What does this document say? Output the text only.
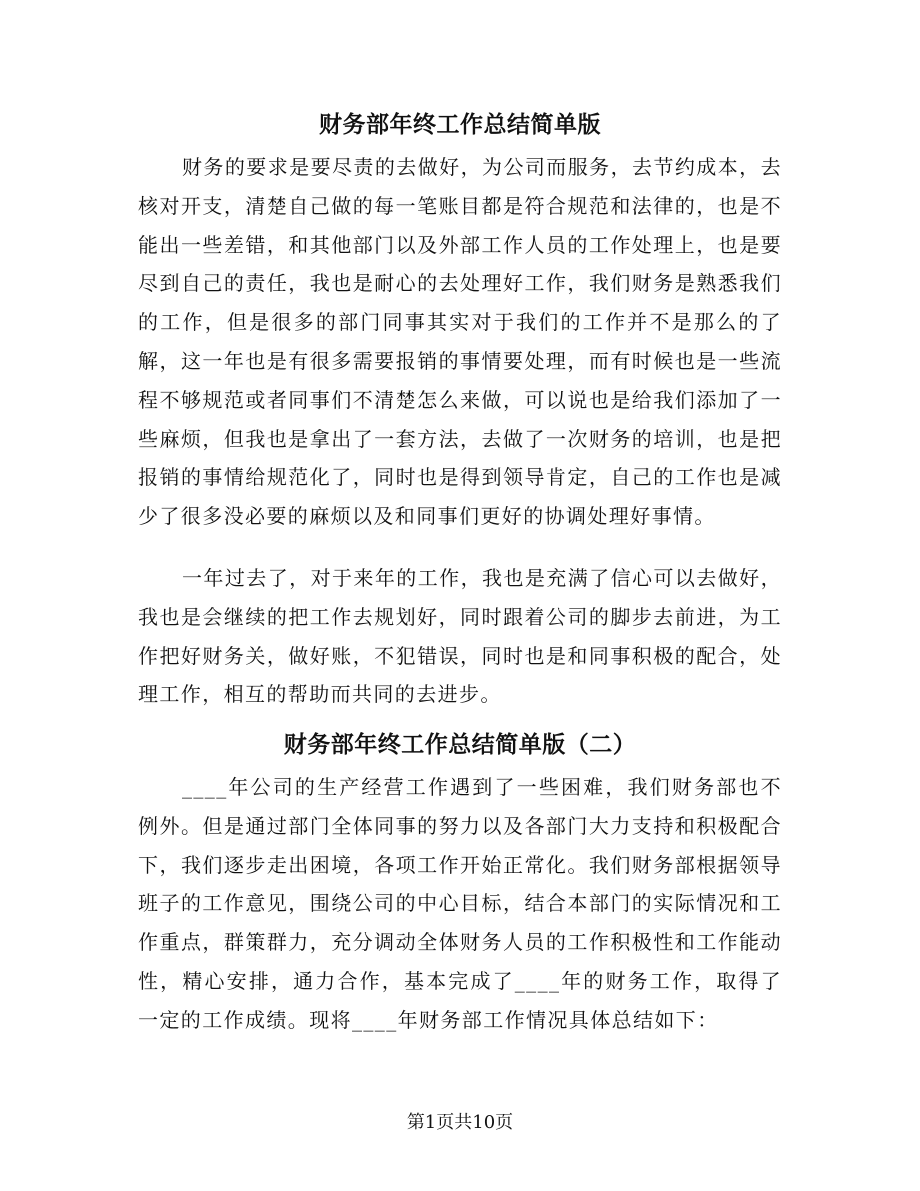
财务部年终工作总结简单版

财务的要求是要尽责的去做好，为公司而服务，去节约成本，去核对开支，清楚自己做的每一笔账目都是符合规范和法律的，也是不能出一些差错，和其他部门以及外部工作人员的工作处理上，也是要尽到自己的责任，我也是耐心的去处理好工作，我们财务是熟悉我们的工作，但是很多的部门同事其实对于我们的工作并不是那么的了解，这一年也是有很多需要报销的事情要处理，而有时候也是一些流程不够规范或者同事们不清楚怎么来做，可以说也是给我们添加了一些麻烦，但我也是拿出了一套方法，去做了一次财务的培训，也是把报销的事情给规范化了，同时也是得到领导肯定，自己的工作也是减少了很多没必要的麻烦以及和同事们更好的协调处理好事情。

一年过去了，对于来年的工作，我也是充满了信心可以去做好，我也是会继续的把工作去规划好，同时跟着公司的脚步去前进，为工作把好财务关，做好账，不犯错误，同时也是和同事积极的配合，处理工作，相互的帮助而共同的去进步。

财务部年终工作总结简单版（二）

____年公司的生产经营工作遇到了一些困难，我们财务部也不例外。但是通过部门全体同事的努力以及各部门大力支持和积极配合下，我们逐步走出困境，各项工作开始正常化。我们财务部根据领导班子的工作意见，围绕公司的中心目标，结合本部门的实际情况和工作重点，群策群力，充分调动全体财务人员的工作积极性和工作能动性，精心安排，通力合作，基本完成了____年的财务工作，取得了一定的工作成绩。现将____年财务部工作情况具体总结如下：

第1页共10页
